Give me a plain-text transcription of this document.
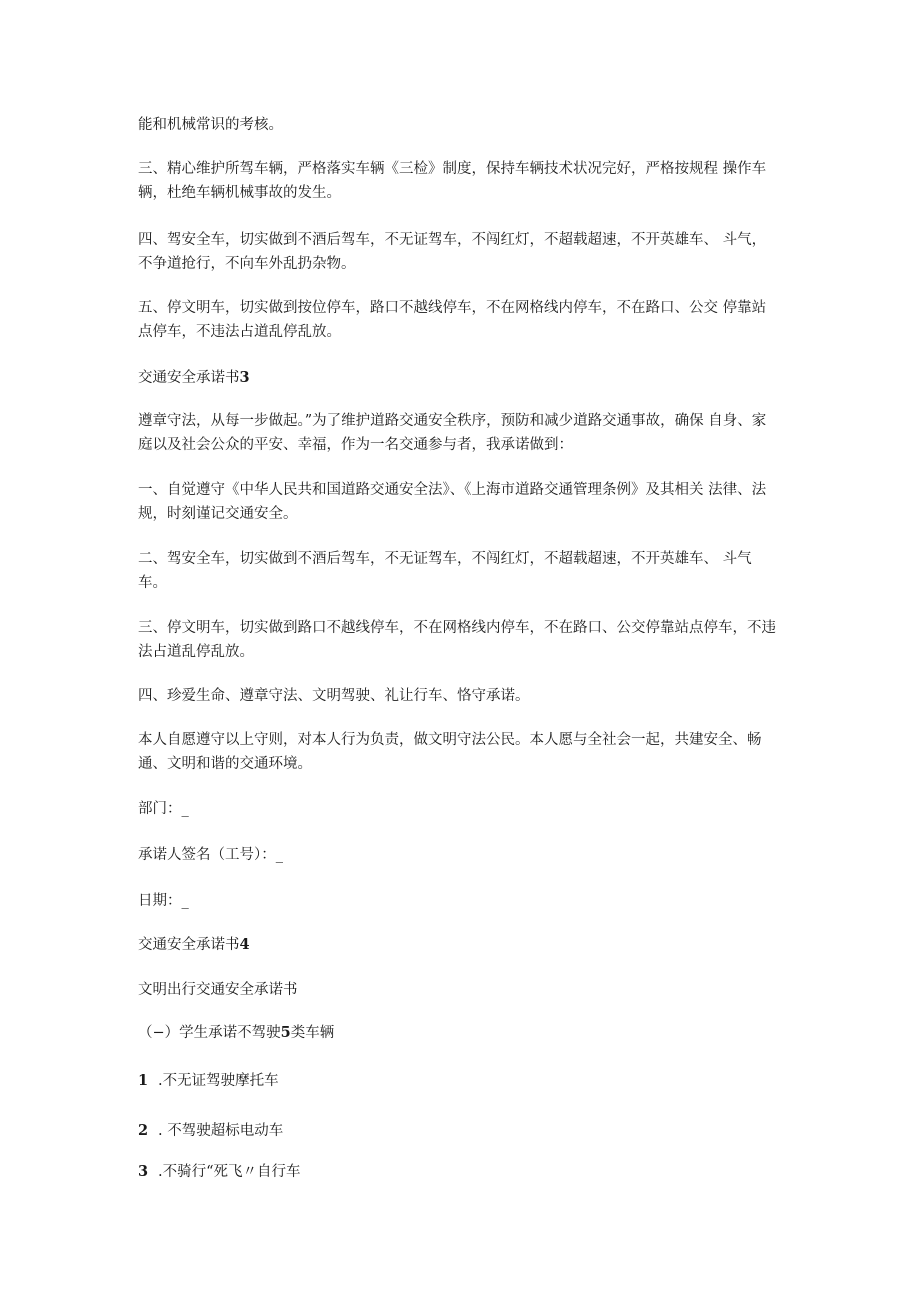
能和机械常识的考核。

三、精心维护所驾车辆，严格落实车辆《三检》制度，保持车辆技术状况完好，严格按规程 操作车辆，杜绝车辆机械事故的发生。

四、驾安全车，切实做到不酒后驾车，不无证驾车，不闯红灯，不超载超速，不开英雄车、 斗气，不争道抢行，不向车外乱扔杂物。

五、停文明车，切实做到按位停车，路口不越线停车，不在网格线内停车，不在路口、公交 停靠站点停车，不违法占道乱停乱放。

交通安全承诺书3

遵章守法，从每一步做起。”为了维护道路交通安全秩序，预防和减少道路交通事故，确保 自身、家庭以及社会公众的平安、幸福，作为一名交通参与者，我承诺做到：

一、自觉遵守《中华人民共和国道路交通安全法》、《上海市道路交通管理条例》及其相关 法律、法规，时刻谨记交通安全。

二、驾安全车，切实做到不酒后驾车，不无证驾车，不闯红灯，不超载超速，不开英雄车、 斗气车。

三、停文明车，切实做到路口不越线停车，不在网格线内停车，不在路口、公交停靠站点停车，不违法占道乱停乱放。

四、珍爱生命、遵章守法、文明驾驶、礼让行车、恪守承诺。

本人自愿遵守以上守则，对本人行为负责，做文明守法公民。本人愿与全社会一起，共建安全、畅通、文明和谐的交通环境。

部门：_

承诺人签名（工号）：_

日期：_

交通安全承诺书4

文明出行交通安全承诺书

（−）学生承诺不驾驶5类车辆

1 .不无证驾驶摩托车

2 . 不驾驶超标电动车

3 .不骑行“死飞〃自行车
